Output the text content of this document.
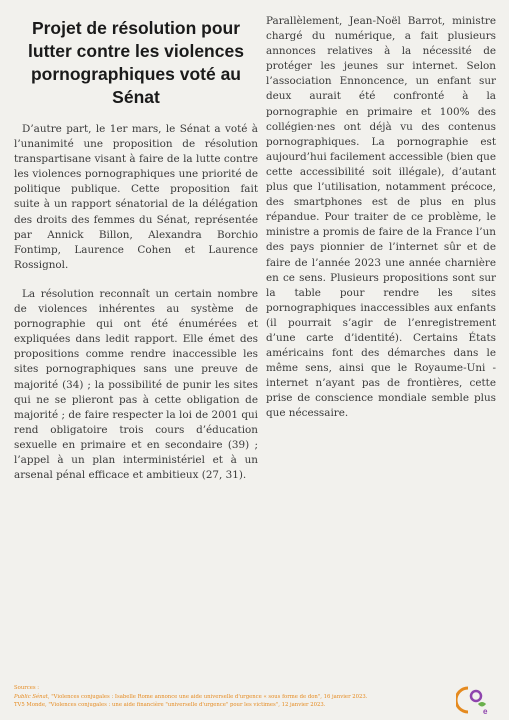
Projet de résolution pour lutter contre les violences pornographiques voté au Sénat

D’autre part, le 1er mars, le Sénat a voté à l’unanimité une proposition de résolution transpartisane visant à faire de la lutte contre les violences pornographiques une priorité de politique publique. Cette proposition fait suite à un rapport sénatorial de la délégation des droits des femmes du Sénat, représentée par Annick Billon, Alexandra Borchio Fontimp, Laurence Cohen et Laurence Rossignol.

La résolution reconnaît un certain nombre de violences inhérentes au système de pornographie qui ont été énumérées et expliquées dans ledit rapport. Elle émet des propositions comme rendre inaccessible les sites pornographiques sans une preuve de majorité (34) ; la possibilité de punir les sites qui ne se plieront pas à cette obligation de majorité ; de faire respecter la loi de 2001 qui rend obligatoire trois cours d’éducation sexuelle en primaire et en secondaire (39) ; l’appel à un plan interministériel et à un arsenal pénal efficace et ambitieux (27, 31).

Parallèlement, Jean-Noël Barrot, ministre chargé du numérique, a fait plusieurs annonces relatives à la nécessité de protéger les jeunes sur internet. Selon l’association Ennoncence, un enfant sur deux aurait été confronté à la pornographie en primaire et 100% des collégien·nes ont déjà vu des contenus pornographiques. La pornographie est aujourd’hui facilement accessible (bien que cette accessibilité soit illégale), d’autant plus que l’utilisation, notamment précoce, des smartphones est de plus en plus répandue. Pour traiter de ce problème, le ministre a promis de faire de la France l’un des pays pionnier de l’internet sûr et de faire de l’année 2023 une année charnière en ce sens. Plusieurs propositions sont sur la table pour rendre les sites pornographiques inaccessibles aux enfants (il pourrait s’agir de l’enregistrement d’une carte d’identité). Certains États américains font des démarches dans le même sens, ainsi que le Royaume-Uni - internet n’ayant pas de frontières, cette prise de conscience mondiale semble plus que nécessaire.

Sources :
Public Sénat, "Violences conjugales : Isabelle Rome annonce une aide universelle d'urgence « sous forme de don", 16 janvier 2023.
TV5 Monde, "Violences conjugales : une aide financière "universelle d'urgence" pour les victimes", 12 janvier 2023.
e
